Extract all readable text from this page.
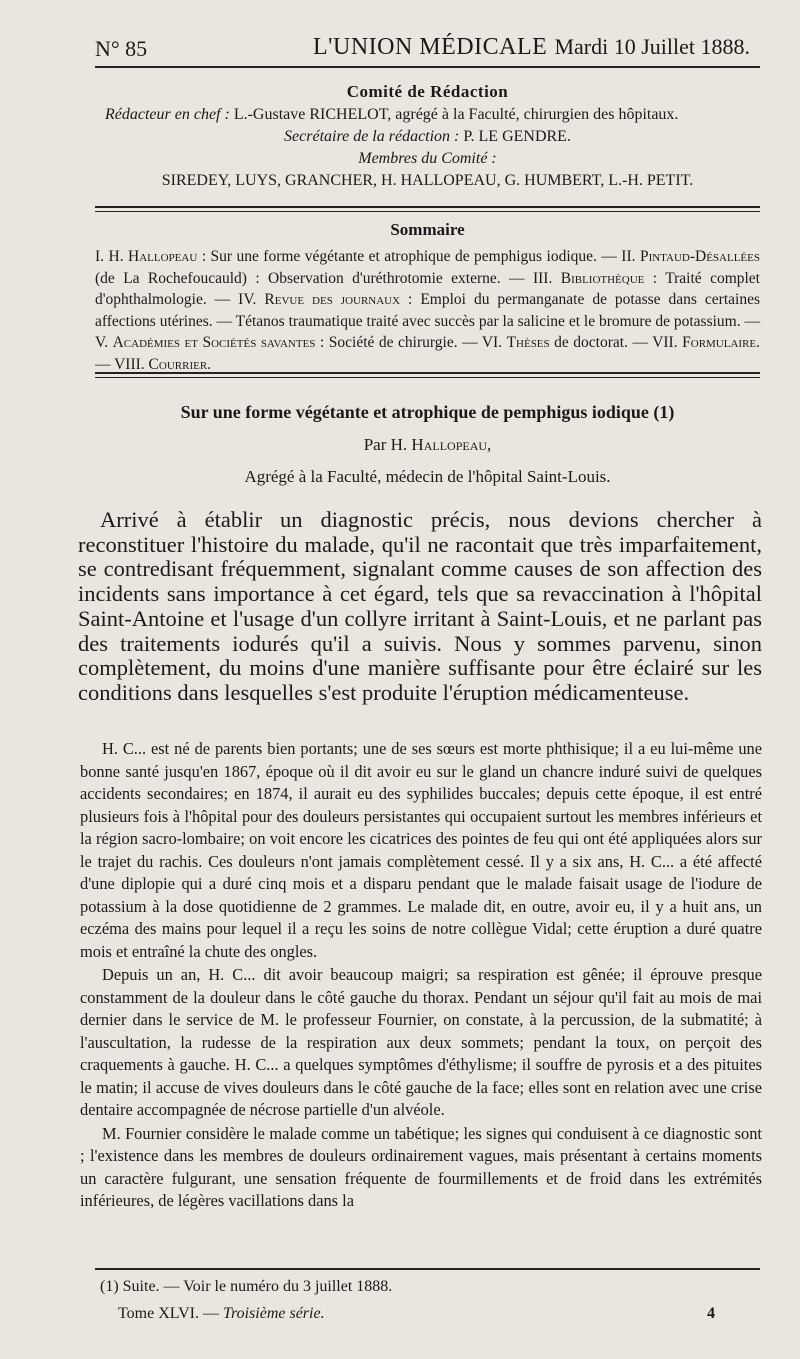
N° 85	L'UNION MÉDICALE Mardi 10 Juillet 1888.
Comité de Rédaction
Rédacteur en chef : L.-Gustave RICHELOT, agrégé à la Faculté, chirurgien des hôpitaux.
Secrétaire de la rédaction : P. LE GENDRE.
Membres du Comité :
SIREDEY, LUYS, GRANCHER, H. HALLOPEAU, G. HUMBERT, L.-H. PETIT.
Sommaire
I. H. Hallopeau : Sur une forme végétante et atrophique de pemphigus iodique. — II. Pintaud-Désallées (de La Rochefoucauld) : Observation d'uréthrotomie externe. — III. Bibliothèque : Traité complet d'ophthalmologie. — IV. Revue des journaux : Emploi du permanganate de potasse dans certaines affections utérines. — Tétanos traumatique traité avec succès par la salicine et le bromure de potassium. — V. Académies et Sociétés savantes : Société de chirurgie. — VI. Thèses de doctorat. — VII. Formulaire. — VIII. Courrier.
Sur une forme végétante et atrophique de pemphigus iodique (1)
Par H. Hallopeau,
Agrégé à la Faculté, médecin de l'hôpital Saint-Louis.
Arrivé à établir un diagnostic précis, nous devions chercher à reconstituer l'histoire du malade, qu'il ne racontait que très imparfaitement, se contredisant fréquemment, signalant comme causes de son affection des incidents sans importance à cet égard, tels que sa revaccination à l'hôpital Saint-Antoine et l'usage d'un collyre irritant à Saint-Louis, et ne parlant pas des traitements iodurés qu'il a suivis. Nous y sommes parvenu, sinon complètement, du moins d'une manière suffisante pour être éclairé sur les conditions dans lesquelles s'est produite l'éruption médicamenteuse.

H. C... est né de parents bien portants; une de ses sœurs est morte phthisique; il a eu lui-même une bonne santé jusqu'en 1867, époque où il dit avoir eu sur le gland un chancre induré suivi de quelques accidents secondaires; en 1874, il aurait eu des syphilides buccales; depuis cette époque, il est entré plusieurs fois à l'hôpital pour des douleurs persistantes qui occupaient surtout les membres inférieurs et la région sacro-lombaire; on voit encore les cicatrices des pointes de feu qui ont été appliquées alors sur le trajet du rachis. Ces douleurs n'ont jamais complètement cessé. Il y a six ans, H. C... a été affecté d'une diplopie qui a duré cinq mois et a disparu pendant que le malade faisait usage de l'iodure de potassium à la dose quotidienne de 2 grammes. Le malade dit, en outre, avoir eu, il y a huit ans, un eczéma des mains pour lequel il a reçu les soins de notre collègue Vidal; cette éruption a duré quatre mois et entraîné la chute des ongles.

Depuis un an, H. C... dit avoir beaucoup maigri; sa respiration est gênée; il éprouve presque constamment de la douleur dans le côté gauche du thorax. Pendant un séjour qu'il fait au mois de mai dernier dans le service de M. le professeur Fournier, on constate, à la percussion, de la submatité; à l'auscultation, la rudesse de la respiration aux deux sommets; pendant la toux, on perçoit des craquements à gauche. H. C... a quelques symptômes d'éthylisme; il souffre de pyrosis et a des pituites le matin; il accuse de vives douleurs dans le côté gauche de la face; elles sont en relation avec une crise dentaire accompagnée de nécrose partielle d'un alvéole.

M. Fournier considère le malade comme un tabétique; les signes qui conduisent à ce diagnostic sont ; l'existence dans les membres de douleurs ordinairement vagues, mais présentant à certains moments un caractère fulgurant, une sensation fréquente de fourmillements et de froid dans les extrémités inférieures, de légères vacillations dans la

(1) Suite. — Voir le numéro du 3 juillet 1888.
Tome XLVI. — Troisième série.	4
